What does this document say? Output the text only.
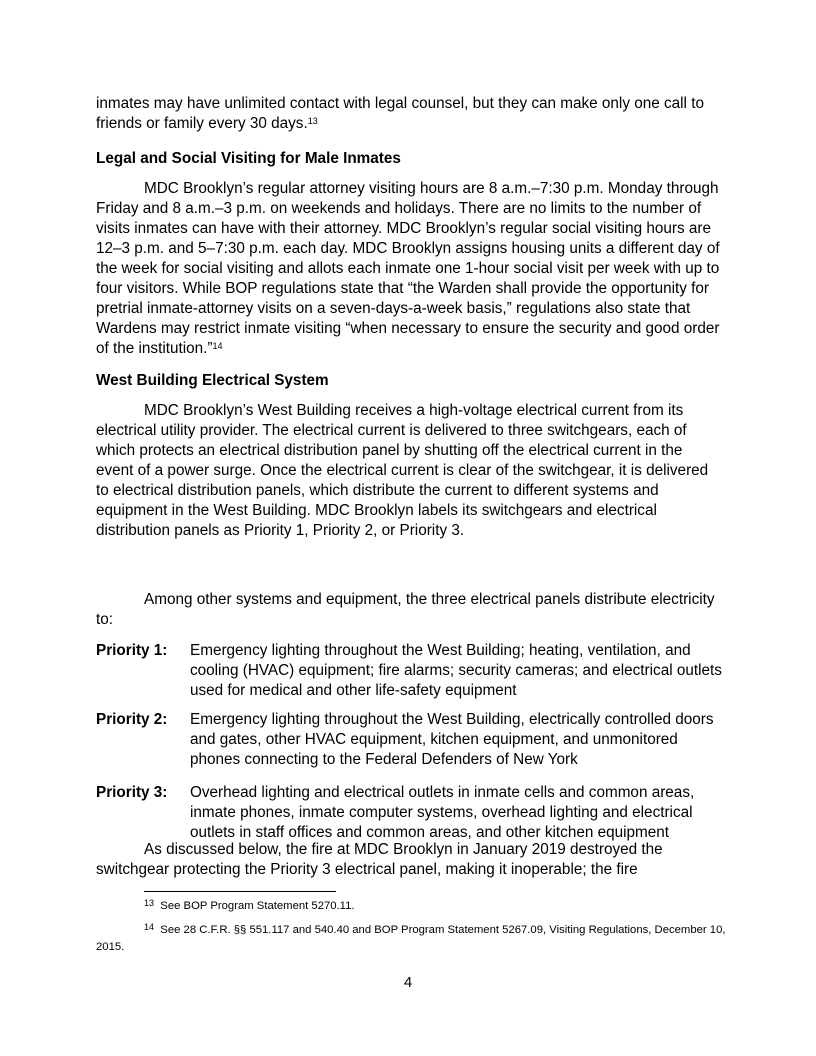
inmates may have unlimited contact with legal counsel, but they can make only one call to friends or family every 30 days.$^{13}$

Legal and Social Visiting for Male Inmates

MDC Brooklyn’s regular attorney visiting hours are 8 a.m.–7:30 p.m. Monday through Friday and 8 a.m.–3 p.m. on weekends and holidays. There are no limits to the number of visits inmates can have with their attorney. MDC Brooklyn’s regular social visiting hours are 12–3 p.m. and 5–7:30 p.m. each day. MDC Brooklyn assigns housing units a different day of the week for social visiting and allots each inmate one 1-hour social visit per week with up to four visitors. While BOP regulations state that “the Warden shall provide the opportunity for pretrial inmate-attorney visits on a seven-days-a-week basis,” regulations also state that Wardens may restrict inmate visiting “when necessary to ensure the security and good order of the institution.”$^{14}$

West Building Electrical System

MDC Brooklyn’s West Building receives a high-voltage electrical current from its electrical utility provider. The electrical current is delivered to three switchgears, each of which protects an electrical distribution panel by shutting off the electrical current in the event of a power surge. Once the electrical current is clear of the switchgear, it is delivered to electrical distribution panels, which distribute the current to different systems and equipment in the West Building. MDC Brooklyn labels its switchgears and electrical distribution panels as Priority 1, Priority 2, or Priority 3.

Among other systems and equipment, the three electrical panels distribute electricity to:

Priority 1: Emergency lighting throughout the West Building; heating, ventilation, and cooling (HVAC) equipment; fire alarms; security cameras; and electrical outlets used for medical and other life-safety equipment
Priority 2: Emergency lighting throughout the West Building, electrically controlled doors and gates, other HVAC equipment, kitchen equipment, and unmonitored phones connecting to the Federal Defenders of New York
Priority 3: Overhead lighting and electrical outlets in inmate cells and common areas, inmate phones, inmate computer systems, overhead lighting and electrical outlets in staff offices and common areas, and other kitchen equipment

As discussed below, the fire at MDC Brooklyn in January 2019 destroyed the switchgear protecting the Priority 3 electrical panel, making it inoperable; the fire

$^{13}$ See BOP Program Statement 5270.11.
$^{14}$ See 28 C.F.R. §§ 551.117 and 540.40 and BOP Program Statement 5267.09, Visiting Regulations, December 10, 2015.
4
